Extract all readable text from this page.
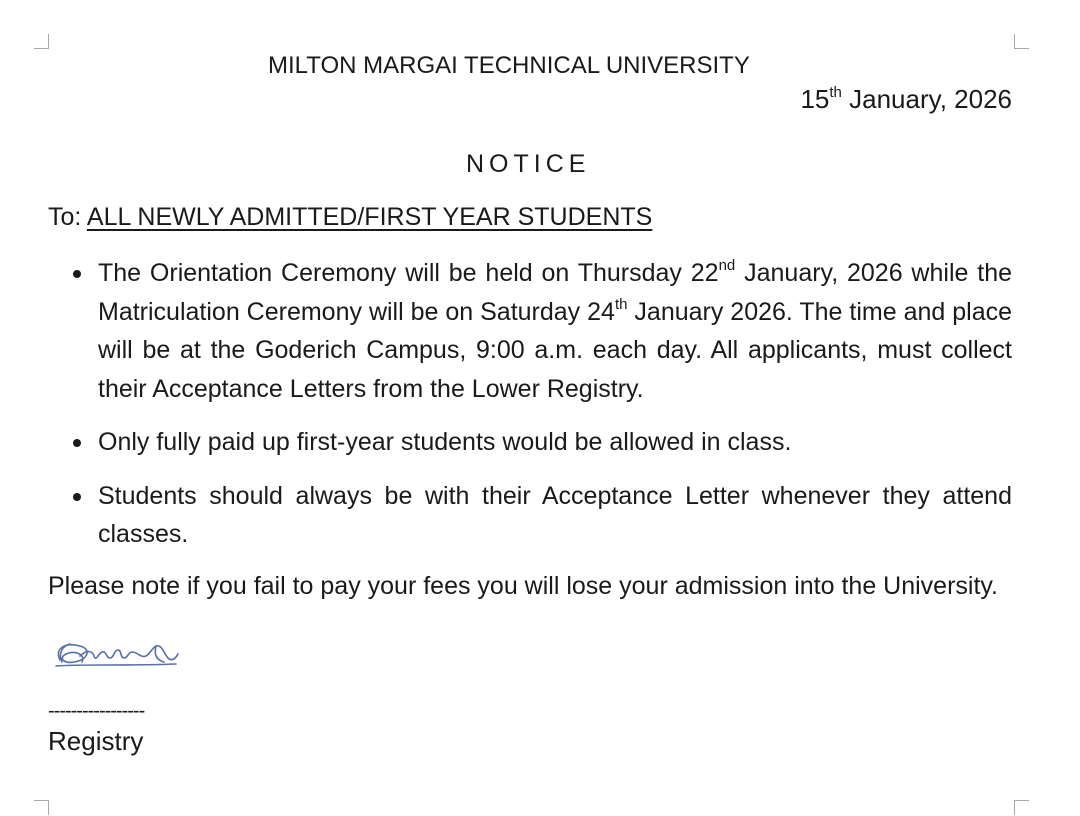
MILTON MARGAI TECHNICAL UNIVERSITY
15th January, 2026
NOTICE
To: ALL NEWLY ADMITTED/FIRST YEAR STUDENTS
The Orientation Ceremony will be held on Thursday 22nd January, 2026 while the Matriculation Ceremony will be on Saturday 24th January 2026. The time and place will be at the Goderich Campus, 9:00 a.m. each day. All applicants, must collect their Acceptance Letters from the Lower Registry.
Only fully paid up first-year students would be allowed in class.
Students should always be with their Acceptance Letter whenever they attend classes.

Please note if you fail to pay your fees you will lose your admission into the University.

-----------------
Registry
